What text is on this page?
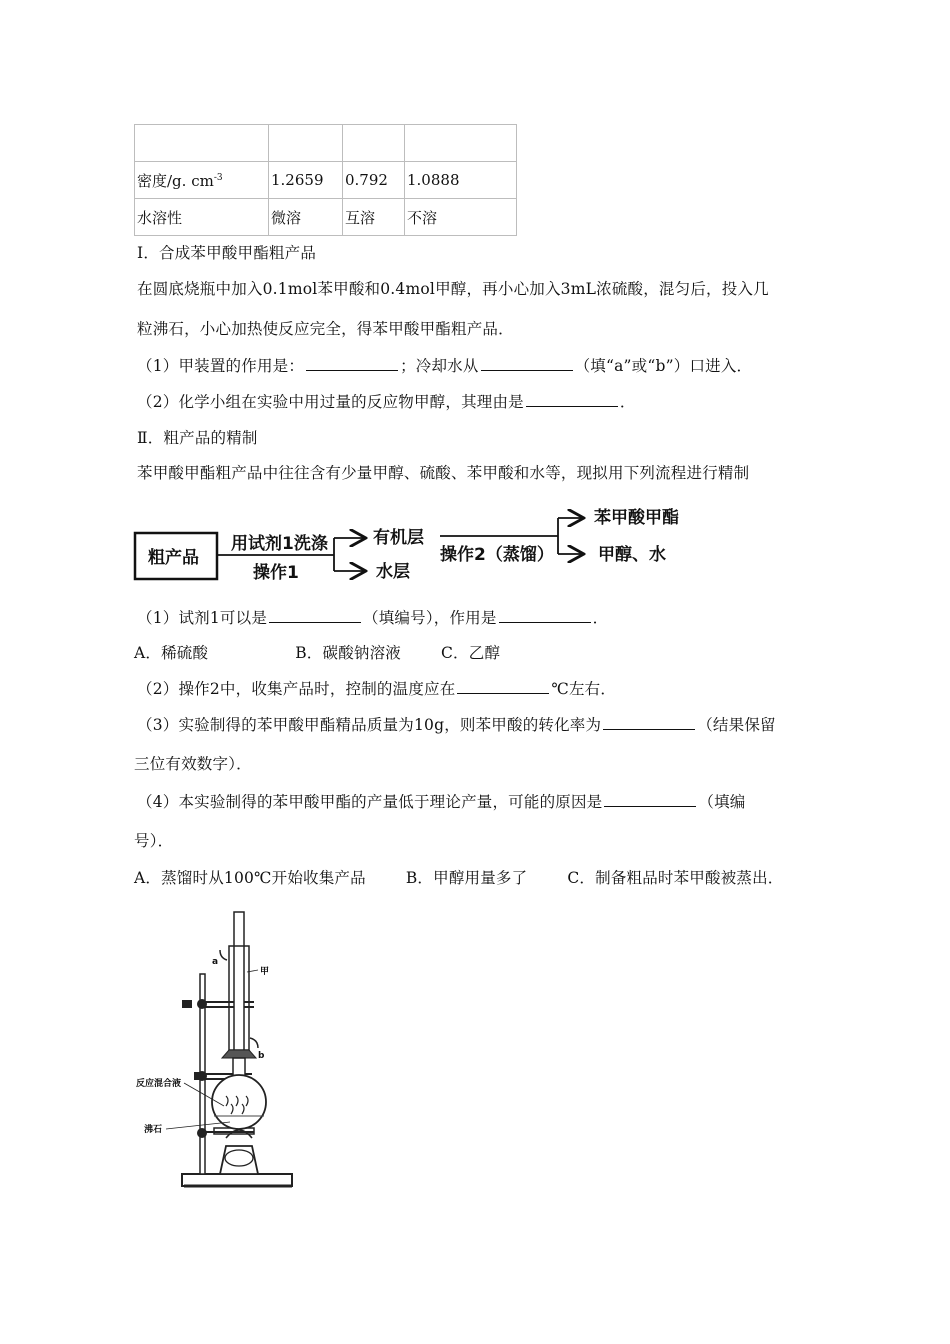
密度/g. $cm^{-3}$	1.2659	0.792	1.0888
水溶性	微溶	互溶	不溶
Ⅰ．合成苯甲酸甲酯粗产品
在圆底烧瓶中加入0.1mol苯甲酸和0.4mol甲醇，再小心加入3mL浓硫酸，混匀后，投入几
粒沸石，小心加热使反应完全，得苯甲酸甲酯粗产品．
（1）甲装置的作用是：	；冷却水从	（填“a”或“b”）口进入．
（2）化学小组在实验中用过量的反应物甲醇，其理由是	．
Ⅱ．粗产品的精制
苯甲酸甲酯粗产品中往往含有少量甲醇、硫酸、苯甲酸和水等，现拟用下列流程进行精制
粗产品
用试剂1洗涤
操作1
有机层
水层
操作2（蒸馏）
苯甲酸甲酯
甲醇、水
（1）试剂1可以是	（填编号），作用是	．
A．稀硫酸	B．碳酸钠溶液	C．乙醇
（2）操作2中，收集产品时，控制的温度应在	℃左右．
（3）实验制得的苯甲酸甲酯精品质量为10g，则苯甲酸的转化率为	（结果保留
三位有效数字）．
（4）本实验制得的苯甲酸甲酯的产量低于理论产量，可能的原因是	（填编
号）．
A．蒸馏时从100℃开始收集产品	B．甲醇用量多了	C．制备粗品时苯甲酸被蒸出．
a
甲
b
反应混合液
沸石
